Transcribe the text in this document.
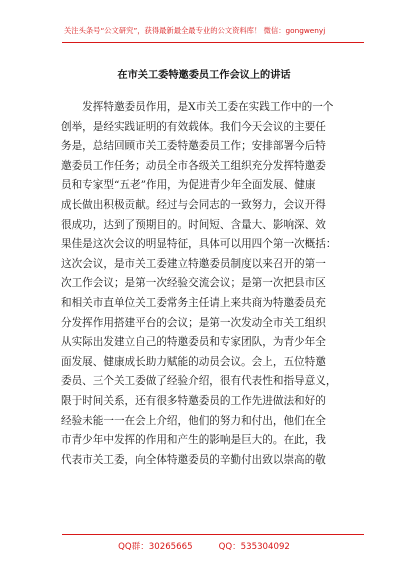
关注头条号“公文研究”，获得最新最全最专业的公文资料库！ 微信：gongwenyj
在市关工委特邀委员工作会议上的讲话
　　发挥特邀委员作用，是X市关工委在实践工作中的一个
创举，是经实践证明的有效载体。我们今天会议的主要任
务是，总结回顾市关工委特邀委员工作；安排部署今后特
邀委员工作任务；动员全市各级关工组织充分发挥特邀委
员和专家型“五老”作用，为促进青少年全面发展、健康
成长做出积极贡献。经过与会同志的一致努力，会议开得
很成功，达到了预期目的。时间短、含量大、影响深、效
果佳是这次会议的明显特征，具体可以用四个第一次概括：
这次会议，是市关工委建立特邀委员制度以来召开的第一
次工作会议；是第一次经验交流会议；是第一次把县市区
和相关市直单位关工委常务主任请上来共商为特邀委员充
分发挥作用搭建平台的会议；是第一次发动全市关工组织
从实际出发建立自己的特邀委员和专家团队，为青少年全
面发展、健康成长助力赋能的动员会议。会上，五位特邀
委员、三个关工委做了经验介绍，很有代表性和指导意义，
限于时间关系，还有很多特邀委员的工作先进做法和好的
经验未能一一在会上介绍，他们的努力和付出，他们在全
市青少年中发挥的作用和产生的影响是巨大的。在此，我
代表市关工委，向全体特邀委员的辛勤付出致以崇高的敬
QQ群：30265665	QQ：535304092
